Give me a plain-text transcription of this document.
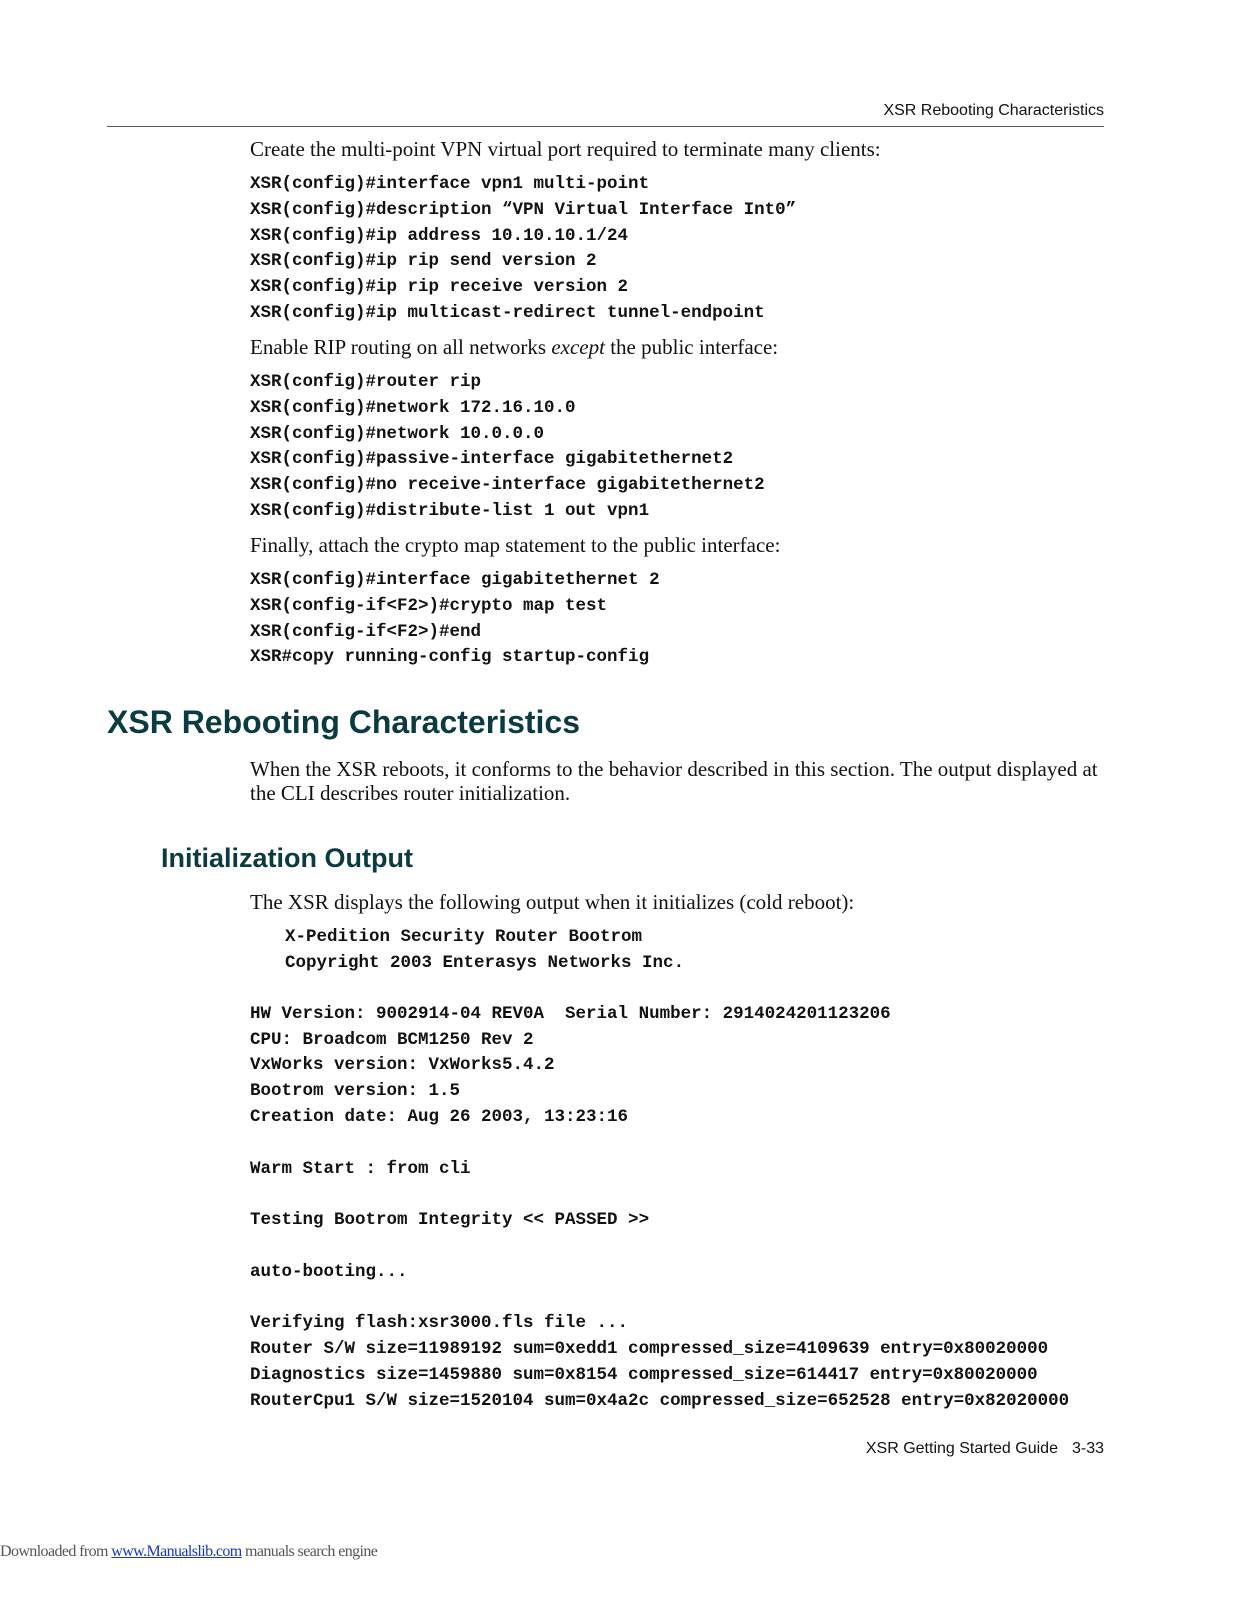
XSR Rebooting Characteristics
Create the multi-point VPN virtual port required to terminate many clients:
XSR(config)#interface vpn1 multi-point
XSR(config)#description “VPN Virtual Interface Int0”
XSR(config)#ip address 10.10.10.1/24
XSR(config)#ip rip send version 2
XSR(config)#ip rip receive version 2
XSR(config)#ip multicast-redirect tunnel-endpoint
Enable RIP routing on all networks except the public interface:
XSR(config)#router rip
XSR(config)#network 172.16.10.0
XSR(config)#network 10.0.0.0
XSR(config)#passive-interface gigabitethernet2
XSR(config)#no receive-interface gigabitethernet2
XSR(config)#distribute-list 1 out vpn1
Finally, attach the crypto map statement to the public interface:
XSR(config)#interface gigabitethernet 2
XSR(config-if<F2>)#crypto map test
XSR(config-if<F2>)#end
XSR#copy running-config startup-config
XSR Rebooting Characteristics
When the XSR reboots, it conforms to the behavior described in this section. The output displayed at the CLI describes router initialization.
Initialization Output
The XSR displays the following output when it initializes (cold reboot):
X-Pedition Security Router Bootrom
Copyright 2003 Enterasys Networks Inc.
HW Version: 9002914-04 REV0A  Serial Number: 2914024201123206
CPU: Broadcom BCM1250 Rev 2
VxWorks version: VxWorks5.4.2
Bootrom version: 1.5
Creation date: Aug 26 2003, 13:23:16
Warm Start : from cli
Testing Bootrom Integrity << PASSED >>
auto-booting...
Verifying flash:xsr3000.fls file ...
Router S/W size=11989192 sum=0xedd1 compressed_size=4109639 entry=0x80020000
Diagnostics size=1459880 sum=0x8154 compressed_size=614417 entry=0x80020000
RouterCpu1 S/W size=1520104 sum=0x4a2c compressed_size=652528 entry=0x82020000
XSR Getting Started Guide 3-33
Downloaded from www.Manualslib.com manuals search engine
